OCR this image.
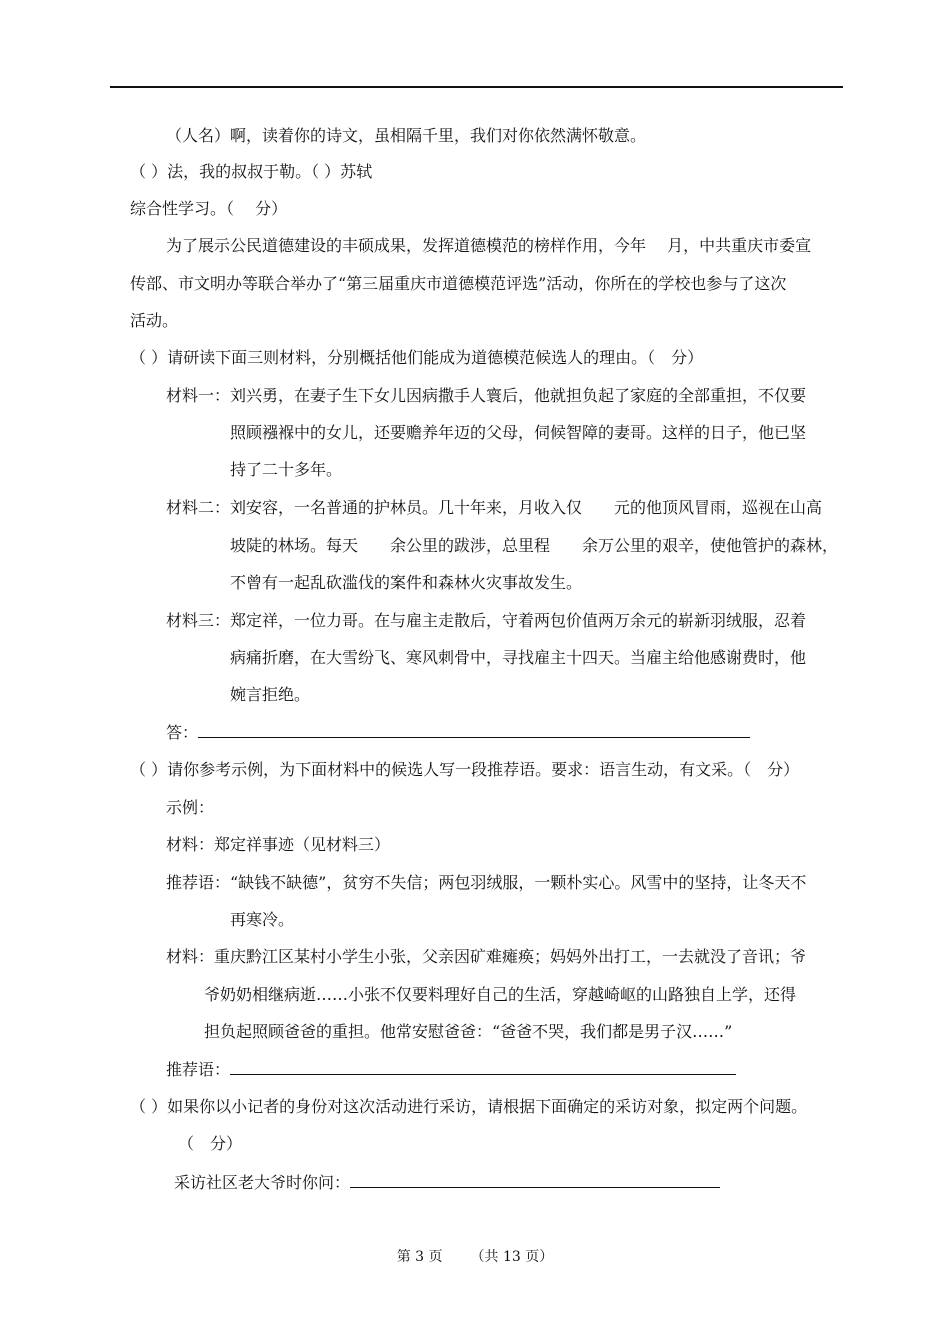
（人名）啊，读着你的诗文，虽相隔千里，我们对你依然满怀敬意。
（ ）法，我的叔叔于勒。（ ）苏轼
综合性学习。（　 分）
为了展示公民道德建设的丰硕成果，发挥道德模范的榜样作用，今年　 月，中共重庆市委宣
传部、市文明办等联合举办了“第三届重庆市道德模范评选”活动，你所在的学校也参与了这次
活动。
（ ）请研读下面三则材料，分别概括他们能成为道德模范候选人的理由。（　分）
材料一：刘兴勇，在妻子生下女儿因病撒手人寰后，他就担负起了家庭的全部重担，不仅要
照顾襁褓中的女儿，还要赡养年迈的父母，伺候智障的妻哥。这样的日子，他已坚
持了二十多年。
材料二：刘安容，一名普通的护林员。几十年来，月收入仅　　元的他顶风冒雨，巡视在山高
坡陡的林场。每天　　余公里的跋涉，总里程　　余万公里的艰辛，使他管护的森林，
不曾有一起乱砍滥伐的案件和森林火灾事故发生。
材料三：郑定祥，一位力哥。在与雇主走散后，守着两包价值两万余元的崭新羽绒服，忍着
病痛折磨，在大雪纷飞、寒风刺骨中，寻找雇主十四天。当雇主给他感谢费时，他
婉言拒绝。
答：
（ ）请你参考示例，为下面材料中的候选人写一段推荐语。要求：语言生动，有文采。（　分）
示例：
材料：郑定祥事迹（见材料三）
推荐语：“缺钱不缺德”，贫穷不失信；两包羽绒服，一颗朴实心。风雪中的坚持，让冬天不
再寒冷。
材料：重庆黔江区某村小学生小张，父亲因矿难瘫痪；妈妈外出打工，一去就没了音讯；爷
爷奶奶相继病逝……小张不仅要料理好自己的生活，穿越崎岖的山路独自上学，还得
担负起照顾爸爸的重担。他常安慰爸爸：“爸爸不哭，我们都是男子汉……”
推荐语：
（ ）如果你以小记者的身份对这次活动进行采访，请根据下面确定的采访对象，拟定两个问题。
（　分）
采访社区老大爷时你问：
第 3 页 （共 13 页）
